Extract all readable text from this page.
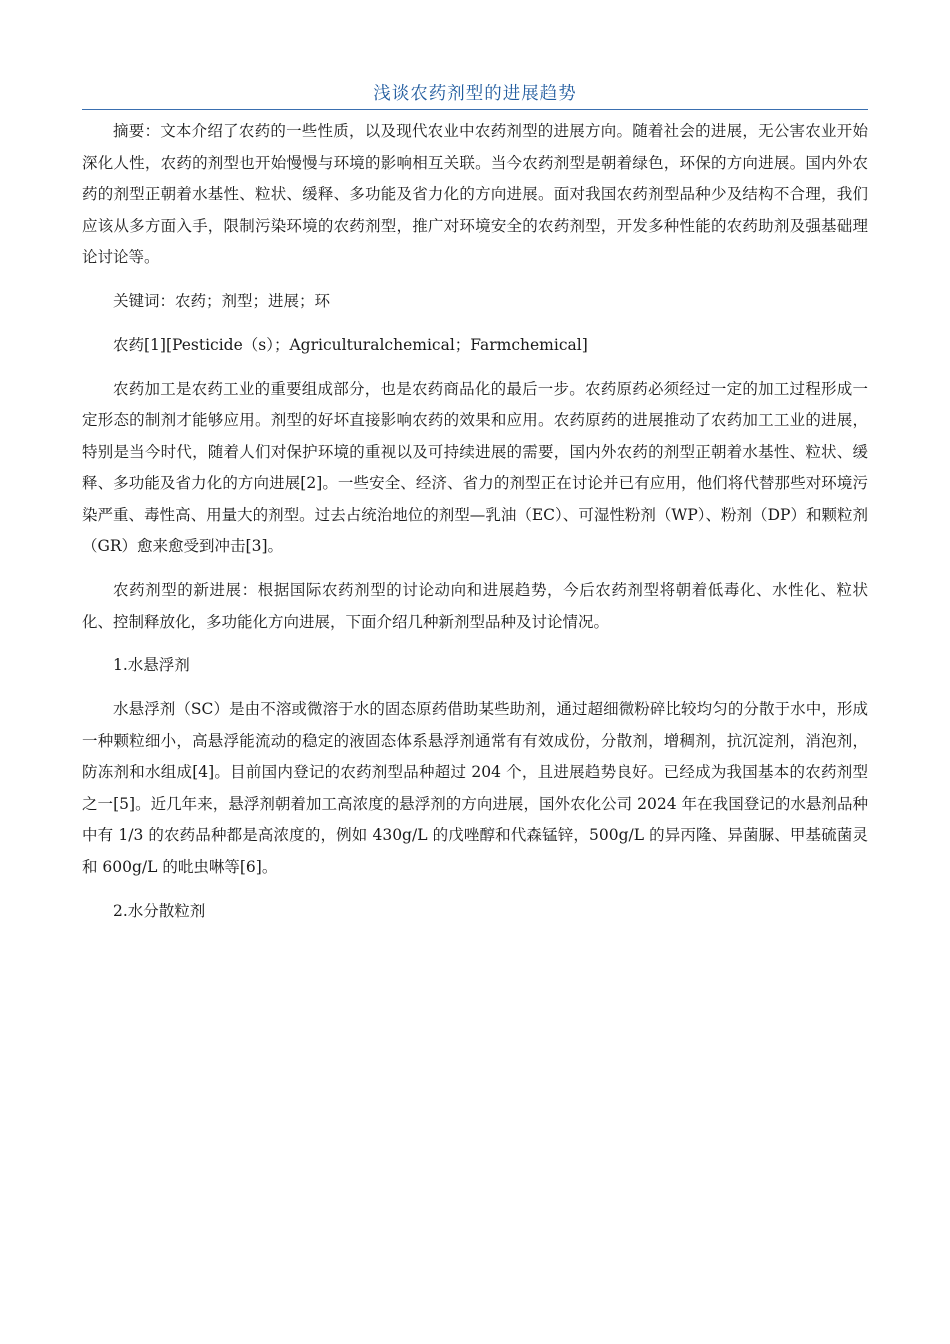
浅谈农药剂型的进展趋势

摘要：文本介绍了农药的一些性质，以及现代农业中农药剂型的进展方向。随着社会的进展，无公害农业开始深化人性，农药的剂型也开始慢慢与环境的影响相互关联。当今农药剂型是朝着绿色，环保的方向进展。国内外农药的剂型正朝着水基性、粒状、缓释、多功能及省力化的方向进展。面对我国农药剂型品种少及结构不合理，我们应该从多方面入手，限制污染环境的农药剂型，推广对环境安全的农药剂型，开发多种性能的农药助剂及强基础理论讨论等。

关键词：农药；剂型；进展；环

农药[1][Pesticide（s）；Agriculturalchemical；Farmchemical]

农药加工是农药工业的重要组成部分，也是农药商品化的最后一步。农药原药必须经过一定的加工过程形成一定形态的制剂才能够应用。剂型的好坏直接影响农药的效果和应用。农药原药的进展推动了农药加工工业的进展，特别是当今时代，随着人们对保护环境的重视以及可持续进展的需要，国内外农药的剂型正朝着水基性、粒状、缓释、多功能及省力化的方向进展[2]。一些安全、经济、省力的剂型正在讨论并已有应用，他们将代替那些对环境污染严重、毒性高、用量大的剂型。过去占统治地位的剂型—乳油（EC）、可湿性粉剂（WP）、粉剂（DP）和颗粒剂（GR）愈来愈受到冲击[3]。

农药剂型的新进展：根据国际农药剂型的讨论动向和进展趋势，今后农药剂型将朝着低毒化、水性化、粒状化、控制释放化，多功能化方向进展，下面介绍几种新剂型品种及讨论情况。

1.水悬浮剂

水悬浮剂（SC）是由不溶或微溶于水的固态原药借助某些助剂，通过超细微粉碎比较均匀的分散于水中，形成一种颗粒细小，高悬浮能流动的稳定的液固态体系悬浮剂通常有有效成份，分散剂，增稠剂，抗沉淀剂，消泡剂，防冻剂和水组成[4]。目前国内登记的农药剂型品种超过 204 个，且进展趋势良好。已经成为我国基本的农药剂型之一[5]。近几年来，悬浮剂朝着加工高浓度的悬浮剂的方向进展，国外农化公司 2024 年在我国登记的水悬剂品种中有 1/3 的农药品种都是高浓度的，例如 430g/L 的戊唑醇和代森锰锌，500g/L 的异丙隆、异菌脲、甲基硫菌灵和 600g/L 的吡虫啉等[6]。

2.水分散粒剂
